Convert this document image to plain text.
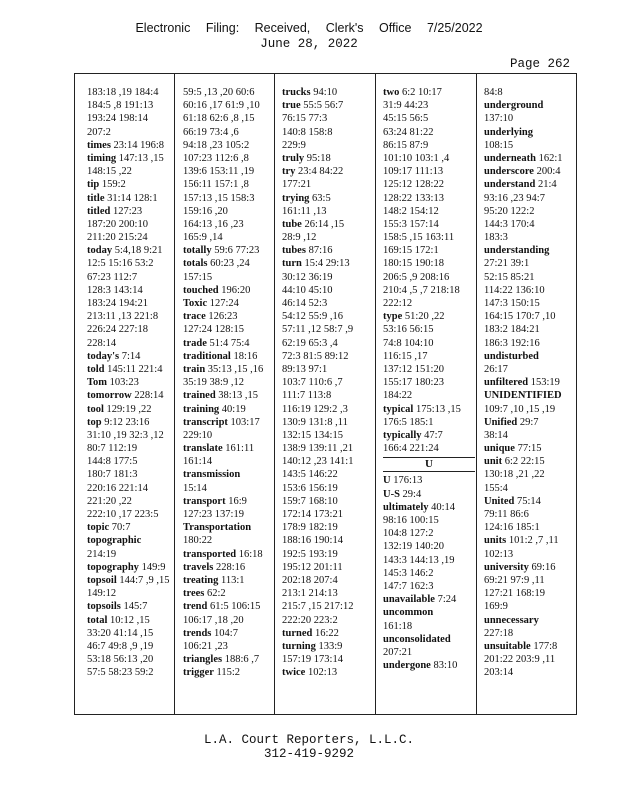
Electronic Filing: Received, Clerk's Office 7/25/2022
June 28, 2022
Page 262
183:18 ,19 184:4
184:5 ,8 191:13
193:24 198:14
207:2
times 23:14 196:8
timing 147:13 ,15
148:15 ,22
tip 159:2
title 31:14 128:1
titled 127:23
187:20 200:10
211:20 215:24
today 5:4,18 9:21
12:5 15:16 53:2
67:23 112:7
128:3 143:14
183:24 194:21
213:11 ,13 221:8
226:24 227:18
228:14
today's 7:14
told 145:11 221:4
Tom 103:23
tomorrow 228:14
tool 129:19 ,22
top 9:12 23:16
31:10 ,19 32:3 ,12
80:7 112:19
144:8 177:5
180:7 181:3
220:16 221:14
221:20 ,22
222:10 ,17 223:5
topic 70:7
topographic
214:19
topography 149:9
topsoil 144:7 ,9 ,15
149:12
topsoils 145:7
total 10:12 ,15
33:20 41:14 ,15
46:7 49:8 ,9 ,19
53:18 56:13 ,20
57:5 58:23 59:2
59:5 ,13 ,20 60:6
60:16 ,17 61:9 ,10
61:18 62:6 ,8 ,15
66:19 73:4 ,6
94:18 ,23 105:2
107:23 112:6 ,8
139:6 153:11 ,19
156:11 157:1 ,8
157:13 ,15 158:3
159:16 ,20
164:13 ,16 ,23
165:9 ,14
totally 59:6 77:23
totals 60:23 ,24
157:15
touched 196:20
Toxic 127:24
trace 126:23
127:24 128:15
trade 51:4 75:4
traditional 18:16
train 35:13 ,15 ,16
35:19 38:9 ,12
trained 38:13 ,15
training 40:19
transcript 103:17
229:10
translate 161:11
161:14
transmission
15:14
transport 16:9
127:23 137:19
Transportation
180:22
transported 16:18
travels 228:16
treating 113:1
trees 62:2
trend 61:5 106:15
106:17 ,18 ,20
trends 104:7
106:21 ,23
triangles 188:6 ,7
trigger 115:2
trucks 94:10
true 55:5 56:7
76:15 77:3
140:8 158:8
229:9
truly 95:18
try 23:4 84:22
177:21
trying 63:5
161:11 ,13
tube 26:14 ,15
28:9 ,12
tubes 87:16
turn 15:4 29:13
30:12 36:19
44:10 45:10
46:14 52:3
54:12 55:9 ,16
57:11 ,12 58:7 ,9
62:19 65:3 ,4
72:3 81:5 89:12
89:13 97:1
103:7 110:6 ,7
111:7 113:8
116:19 129:2 ,3
130:9 131:8 ,11
132:15 134:15
138:9 139:11 ,21
140:12 ,23 141:1
143:5 146:22
153:6 156:19
159:7 168:10
172:14 173:21
178:9 182:19
188:16 190:14
192:5 193:19
195:12 201:11
202:18 207:4
213:1 214:13
215:7 ,15 217:12
222:20 223:2
turned 16:22
turning 133:9
157:19 173:14
twice 102:13
two 6:2 10:17
31:9 44:23
45:15 56:5
63:24 81:22
86:15 87:9
101:10 103:1 ,4
109:17 111:13
125:12 128:22
128:22 133:13
148:2 154:12
155:3 157:14
158:5 ,15 163:11
169:15 172:1
180:15 190:18
206:5 ,9 208:16
210:4 ,5 ,7 218:18
222:12
type 51:20 ,22
53:16 56:15
74:8 104:10
116:15 ,17
137:12 151:20
155:17 180:23
184:22
typical 175:13 ,15
176:5 185:1
typically 47:7
166:4 221:24
U
U 176:13
U-S 29:4
ultimately 40:14
98:16 100:15
104:8 127:2
132:19 140:20
143:3 144:13 ,19
145:3 146:2
147:7 162:3
unavailable 7:24
uncommon
161:18
unconsolidated
207:21
undergone 83:10
84:8
underground
137:10
underlying
108:15
underneath 162:1
underscore 200:4
understand 21:4
93:16 ,23 94:7
95:20 122:2
144:3 170:4
183:3
understanding
27:21 39:1
52:15 85:21
114:22 136:10
147:3 150:15
164:15 170:7 ,10
183:2 184:21
186:3 192:16
undisturbed
26:17
unfiltered 153:19
UNIDENTIFIED
109:7 ,10 ,15 ,19
Unified 29:7
38:14
unique 77:15
unit 6:2 22:15
130:18 ,21 ,22
155:4
United 75:14
79:11 86:6
124:16 185:1
units 101:2 ,7 ,11
102:13
university 69:16
69:21 97:9 ,11
127:21 168:19
169:9
unnecessary
227:18
unsuitable 177:8
201:22 203:9 ,11
203:14
L.A. Court Reporters, L.L.C.
312-419-9292
